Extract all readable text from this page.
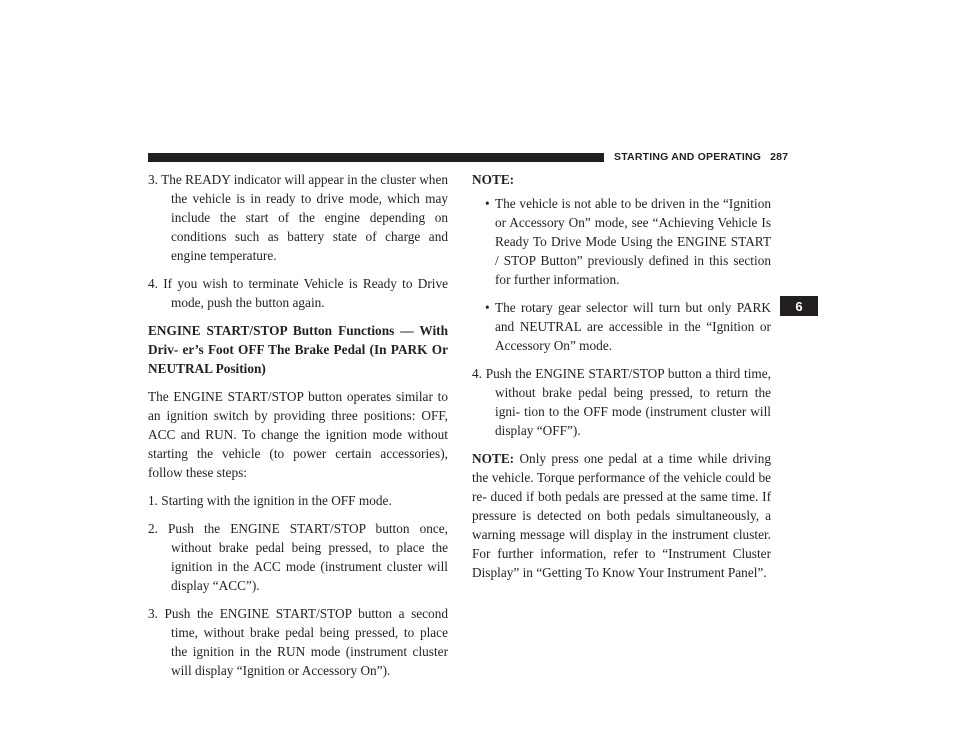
STARTING AND OPERATING 287
6

3. The READY indicator will appear in the cluster when the vehicle is in ready to drive mode, which may include the start of the engine depending on conditions such as battery state of charge and engine temperature.

4. If you wish to terminate Vehicle is Ready to Drive mode, push the button again.

ENGINE START/STOP Button Functions — With Driv- er’s Foot OFF The Brake Pedal (In PARK Or NEUTRAL Position)

The ENGINE START/STOP button operates similar to an ignition switch by providing three positions: OFF, ACC and RUN. To change the ignition mode without starting the vehicle (to power certain accessories), follow these steps:

1. Starting with the ignition in the OFF mode.

2. Push the ENGINE START/STOP button once, without brake pedal being pressed, to place the ignition in the ACC mode (instrument cluster will display “ACC”).

3. Push the ENGINE START/STOP button a second time, without brake pedal being pressed, to place the ignition in the RUN mode (instrument cluster will display “Ignition or Accessory On”).

NOTE:

• The vehicle is not able to be driven in the “Ignition or Accessory On” mode, see “Achieving Vehicle Is Ready To Drive Mode Using the ENGINE START / STOP Button” previously defined in this section for further information.

• The rotary gear selector will turn but only PARK and NEUTRAL are accessible in the “Ignition or Accessory On” mode.

4. Push the ENGINE START/STOP button a third time, without brake pedal being pressed, to return the igni- tion to the OFF mode (instrument cluster will display “OFF”).

NOTE: Only press one pedal at a time while driving the vehicle. Torque performance of the vehicle could be re- duced if both pedals are pressed at the same time. If pressure is detected on both pedals simultaneously, a warning message will display in the instrument cluster. For further information, refer to “Instrument Cluster Display” in “Getting To Know Your Instrument Panel”.
